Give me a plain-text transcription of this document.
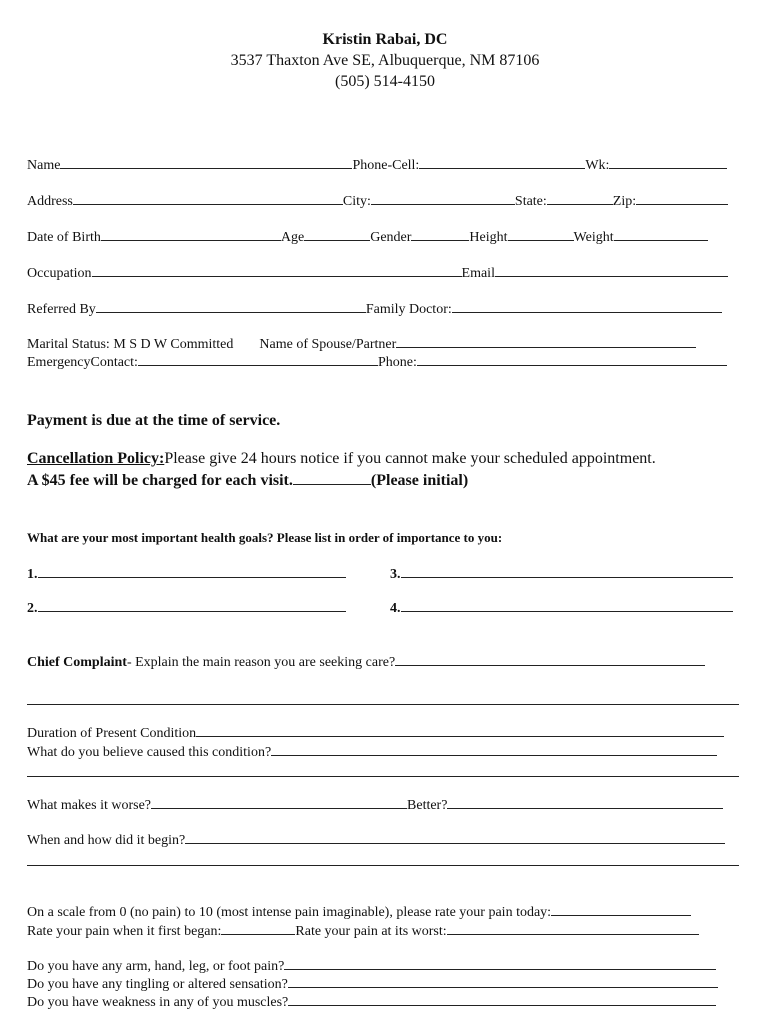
Kristin Rabai, DC
3537 Thaxton Ave SE, Albuquerque, NM 87106
(505) 514-4150
Name	Phone-Cell:	Wk:
Address	City:	State:	Zip:
Date of Birth	Age	Gender	Height	Weight
Occupation	Email
Referred By	Family Doctor:
Marital Status: M S D W Committed Name of Spouse/Partner
EmergencyContact:	Phone:
Payment is due at the time of service.
Cancellation Policy:Please give 24 hours notice if you cannot make your scheduled appointment.
A $45 fee will be charged for each visit.	(Please initial)
What are your most important health goals? Please list in order of importance to you:
1.	3.
2.	4.
Chief Complaint- Explain the main reason you are seeking care?
Duration of Present Condition
What do you believe caused this condition?
What makes it worse?	Better?
When and how did it begin?
On a scale from 0 (no pain) to 10 (most intense pain imaginable), please rate your pain today:
Rate your pain when it first began:	Rate your pain at its worst:
Do you have any arm, hand, leg, or foot pain?
Do you have any tingling or altered sensation?
Do you have weakness in any of you muscles?
